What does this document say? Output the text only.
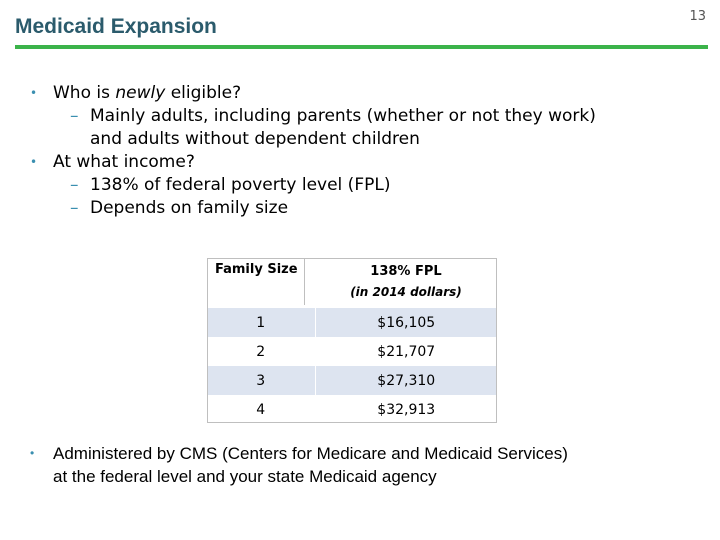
Medicaid Expansion	13
• Who is newly eligible?
– Mainly adults, including parents (whether or not they work)
and adults without dependent children
• At what income?
– 138% of federal poverty level (FPL)
– Depends on family size
Family Size	138% FPL
(in 2014 dollars)

1	$16,105
2	$21,707
3	$27,310
4	$32,913
• Administered by CMS (Centers for Medicare and Medicaid Services)
at the federal level and your state Medicaid agency
